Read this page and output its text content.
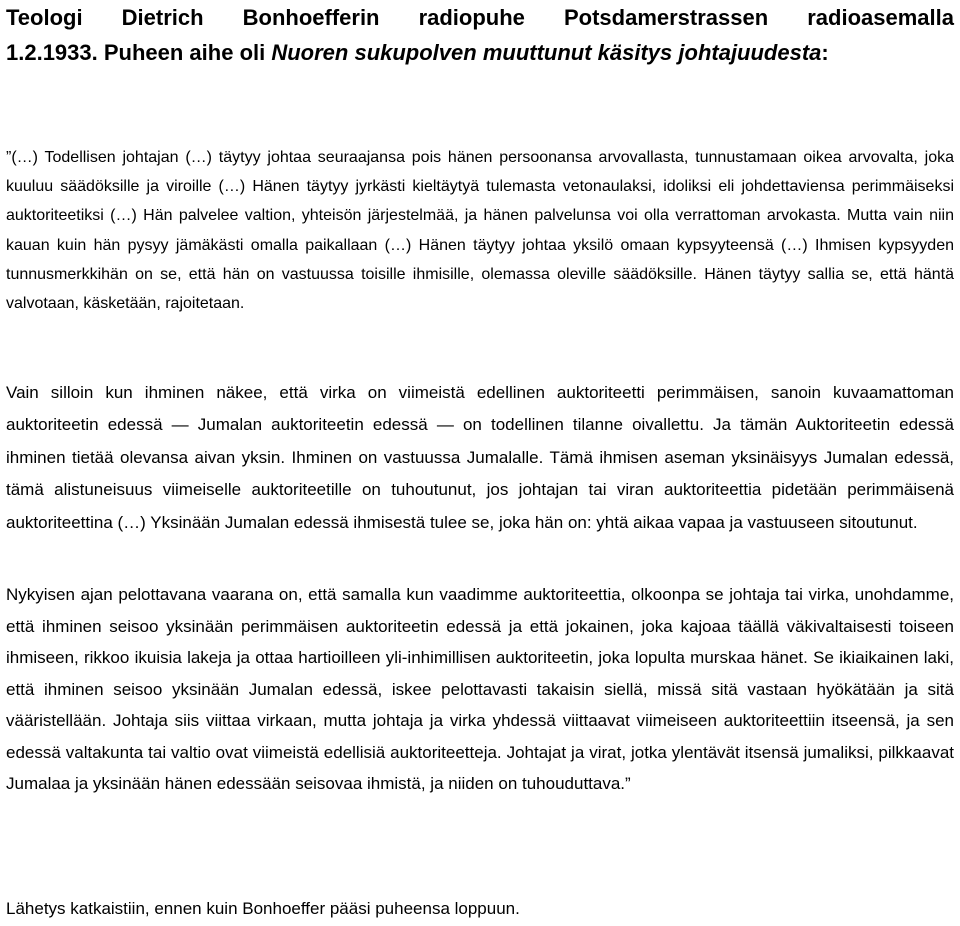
Teologi Dietrich Bonhoefferin radiopuhe Potsdamerstrassen radioasemalla
1.2.1933. Puheen aihe oli Nuoren sukupolven muuttunut käsitys johtajuudesta:

”(…) Todellisen johtajan (…) täytyy johtaa seuraajansa pois hänen persoonansa arvovallasta, tunnustamaan oikea arvovalta, joka kuuluu säädöksille ja viroille (…) Hänen täytyy jyrkästi kieltäytyä tulemasta vetonaulaksi, idoliksi eli johdettaviensa perimmäiseksi auktoriteetiksi (…) Hän palvelee valtion, yhteisön järjestelmää, ja hänen palvelunsa voi olla verrattoman arvokasta. Mutta vain niin kauan kuin hän pysyy jämäkästi omalla paikallaan (…) Hänen täytyy johtaa yksilö omaan kypsyyteensä (…) Ihmisen kypsyyden tunnusmerkkihän on se, että hän on vastuussa toisille ihmisille, olemassa oleville säädöksille. Hänen täytyy sallia se, että häntä valvotaan, käsketään, rajoitetaan.

Vain silloin kun ihminen näkee, että virka on viimeistä edellinen auktoriteetti perimmäisen, sanoin kuvaamattoman auktoriteetin edessä — Jumalan auktoriteetin edessä — on todellinen tilanne oivallettu. Ja tämän Auktoriteetin edessä ihminen tietää olevansa aivan yksin. Ihminen on vastuussa Jumalalle. Tämä ihmisen aseman yksinäisyys Jumalan edessä, tämä alistuneisuus viimeiselle auktoriteetille on tuhoutunut, jos johtajan tai viran auktoriteettia pidetään perimmäisenä auktoriteettina (…) Yksinään Jumalan edessä ihmisestä tulee se, joka hän on: yhtä aikaa vapaa ja vastuuseen sitoutunut.

Nykyisen ajan pelottavana vaarana on, että samalla kun vaadimme auktoriteettia, olkoonpa se johtaja tai virka, unohdamme, että ihminen seisoo yksinään perimmäisen auktoriteetin edessä ja että jokainen, joka kajoaa täällä väkivaltaisesti toiseen ihmiseen, rikkoo ikuisia lakeja ja ottaa hartioilleen yli-inhimillisen auktoriteetin, joka lopulta murskaa hänet. Se ikiaikainen laki, että ihminen seisoo yksinään Jumalan edessä, iskee pelottavasti takaisin siellä, missä sitä vastaan hyökätään ja sitä vääristellään. Johtaja siis viittaa virkaan, mutta johtaja ja virka yhdessä viittaavat viimeiseen auktoriteettiin itseensä, ja sen edessä valtakunta tai valtio ovat viimeistä edellisiä auktoriteetteja. Johtajat ja virat, jotka ylentävät itsensä jumaliksi, pilkkaavat Jumalaa ja yksinään hänen edessään seisovaa ihmistä, ja niiden on tuhouduttava.”

Lähetys katkaistiin, ennen kuin Bonhoeffer pääsi puheensa loppuun.
